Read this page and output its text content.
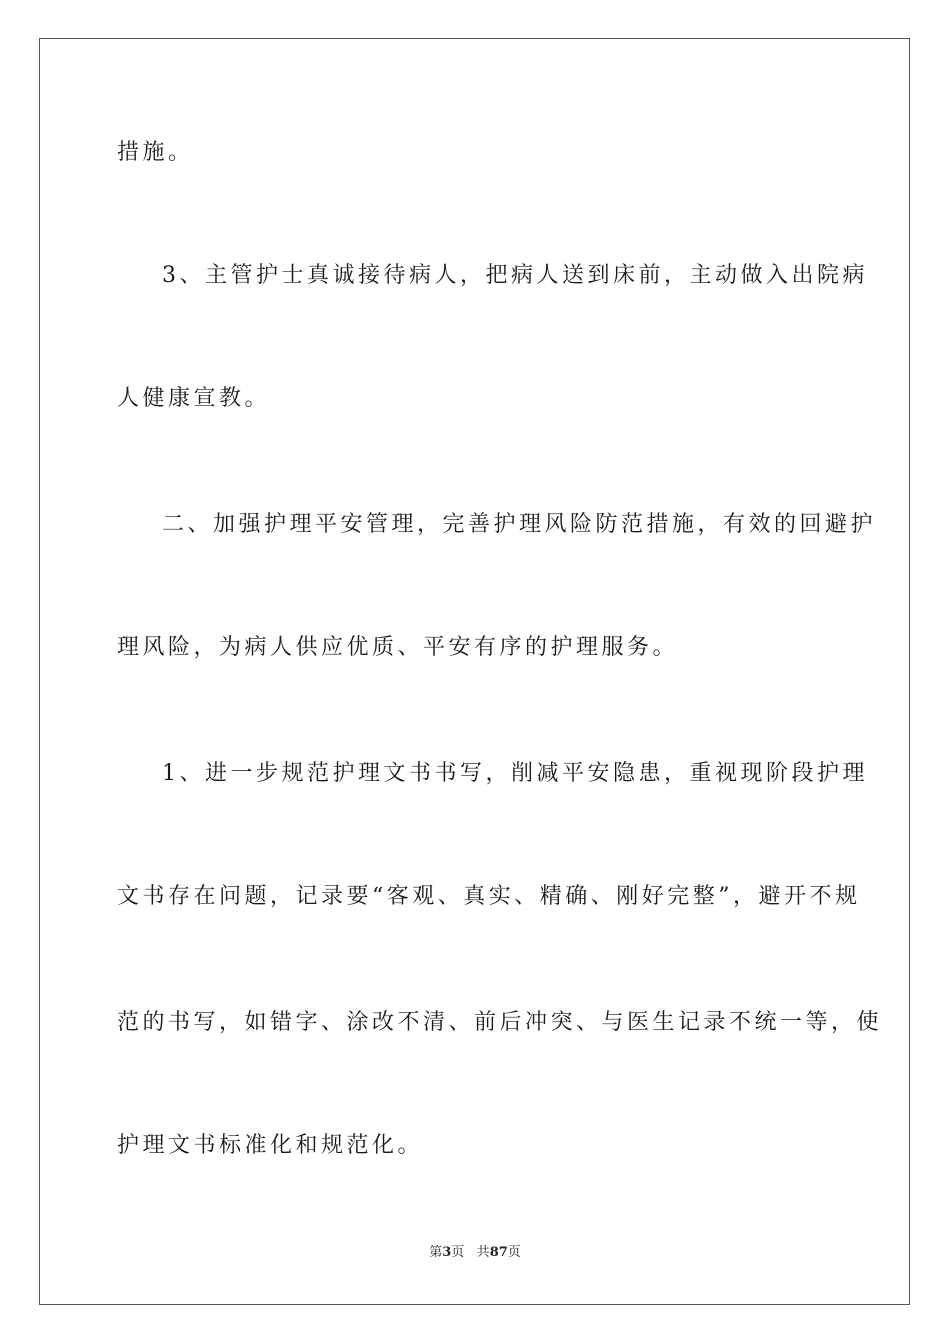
措施。
3、主管护士真诚接待病人，把病人送到床前，主动做入出院病
人健康宣教。
二、加强护理平安管理，完善护理风险防范措施，有效的回避护
理风险，为病人供应优质、平安有序的护理服务。
1、进一步规范护理文书书写，削减平安隐患，重视现阶段护理
文书存在问题，记录要“客观、真实、精确、刚好完整”，避开不规
范的书写，如错字、涂改不清、前后冲突、与医生记录不统一等，使
护理文书标准化和规范化。
第3页 共87页
